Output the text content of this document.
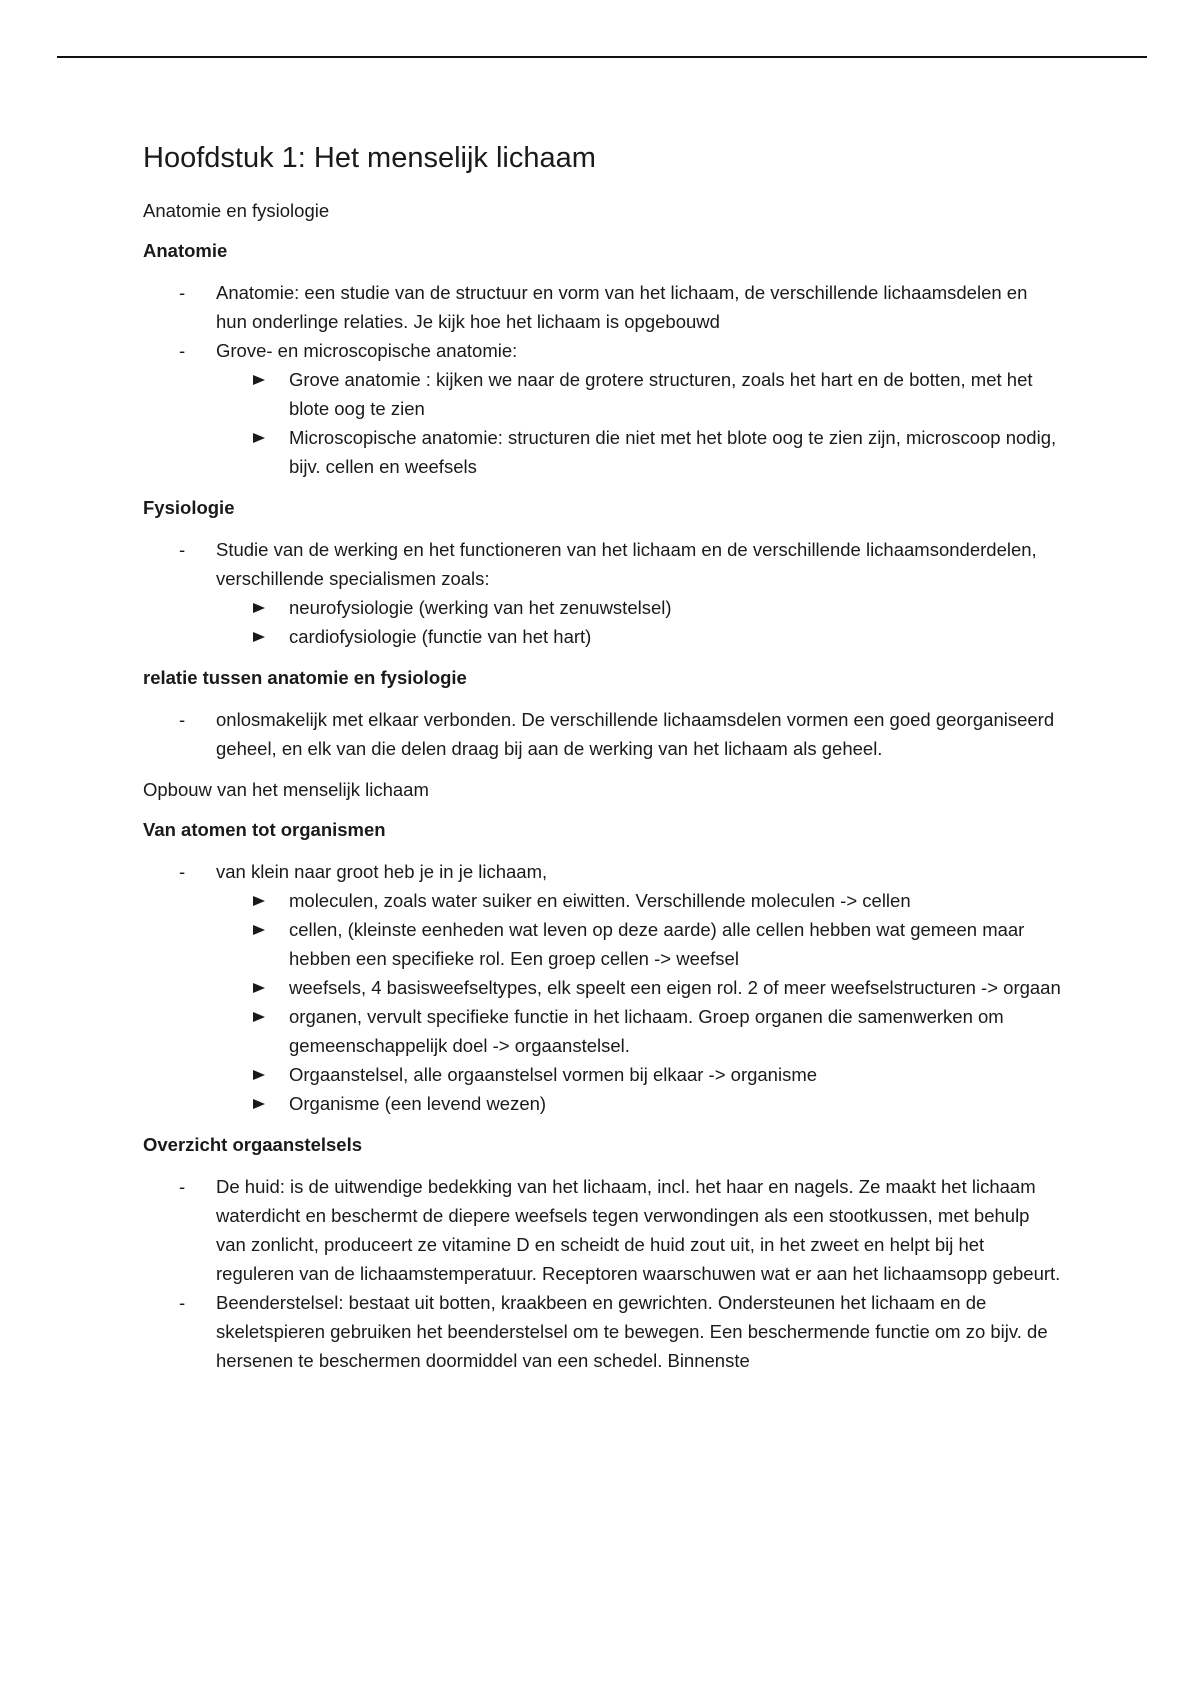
Hoofdstuk 1: Het menselijk lichaam
Anatomie en fysiologie
Anatomie
- Anatomie: een studie van de structuur en vorm van het lichaam, de verschillende lichaamsdelen en hun onderlinge relaties. Je kijk hoe het lichaam is opgebouwd
- Grove- en microscopische anatomie:
Grove anatomie : kijken we naar de grotere structuren, zoals het hart en de botten, met het blote oog te zien
Microscopische anatomie: structuren die niet met het blote oog te zien zijn, microscoop nodig, bijv. cellen en weefsels
Fysiologie
- Studie van de werking en het functioneren van het lichaam en de verschillende lichaamsonderdelen, verschillende specialismen zoals:
neurofysiologie (werking van het zenuwstelsel)
cardiofysiologie (functie van het hart)
relatie tussen anatomie en fysiologie
- onlosmakelijk met elkaar verbonden. De verschillende lichaamsdelen vormen een goed georganiseerd geheel, en elk van die delen draag bij aan de werking van het lichaam als geheel.
Opbouw van het menselijk lichaam
Van atomen tot organismen
- van klein naar groot heb je in je lichaam,
moleculen, zoals water suiker en eiwitten. Verschillende moleculen -> cellen
cellen, (kleinste eenheden wat leven op deze aarde) alle cellen hebben wat gemeen maar hebben een specifieke rol. Een groep cellen -> weefsel
weefsels, 4 basisweefseltypes, elk speelt een eigen rol. 2 of meer weefselstructuren -> orgaan
organen, vervult specifieke functie in het lichaam. Groep organen die samenwerken om gemeenschappelijk doel -> orgaanstelsel.
Orgaanstelsel, alle orgaanstelsel vormen bij elkaar -> organisme
Organisme (een levend wezen)
Overzicht orgaanstelsels
- De huid: is de uitwendige bedekking van het lichaam, incl. het haar en nagels. Ze maakt het lichaam waterdicht en beschermt de diepere weefsels tegen verwondingen als een stootkussen, met behulp van zonlicht, produceert ze vitamine D en scheidt de huid zout uit, in het zweet en helpt bij het reguleren van de lichaamstemperatuur. Receptoren waarschuwen wat er aan het lichaamsopp gebeurt.
- Beenderstelsel: bestaat uit botten, kraakbeen en gewrichten. Ondersteunen het lichaam en de skeletspieren gebruiken het beenderstelsel om te bewegen. Een beschermende functie om zo bijv. de hersenen te beschermen doormiddel van een schedel. Binnenste
